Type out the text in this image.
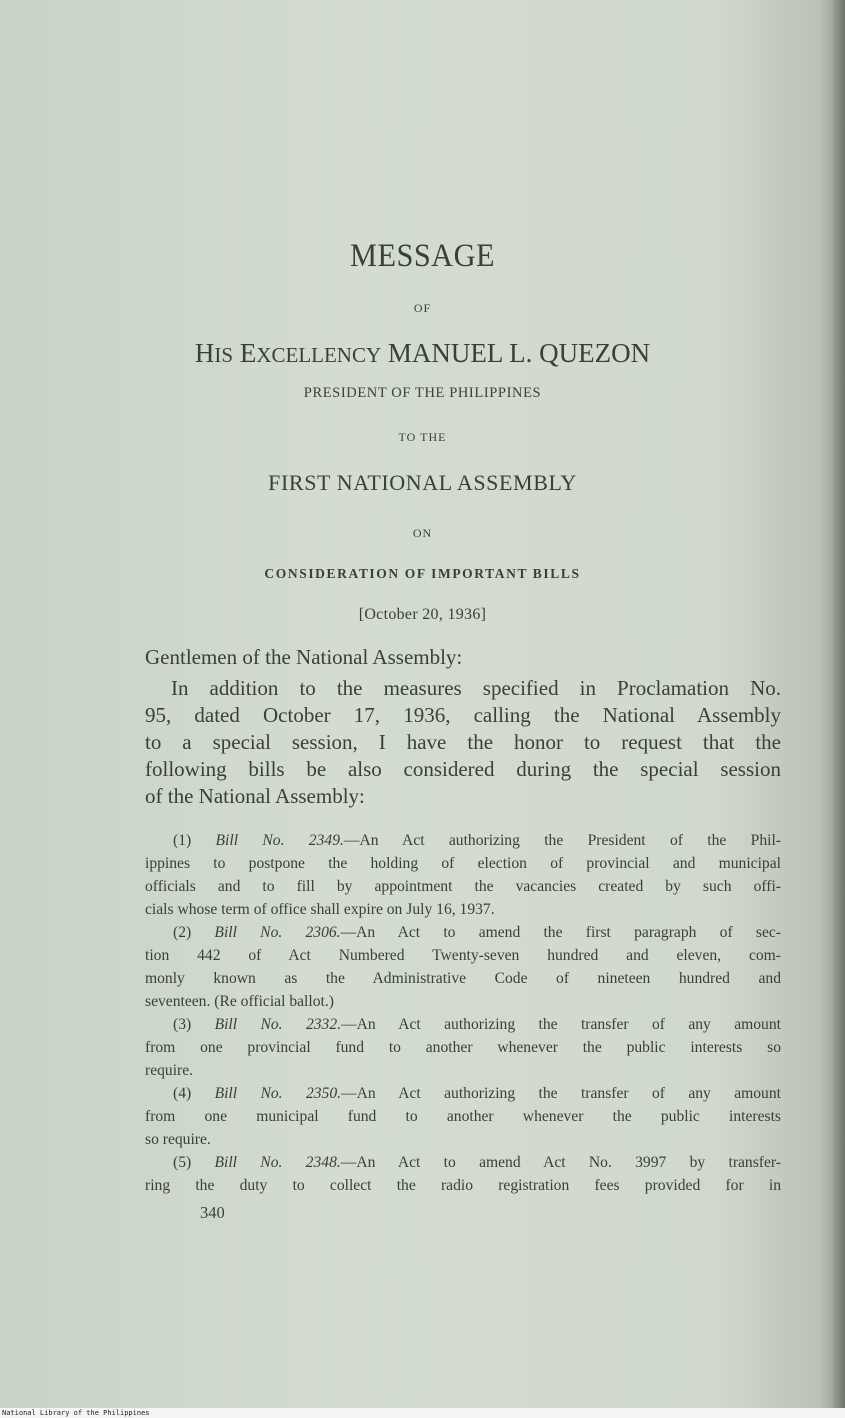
MESSAGE
OF
HIS EXCELLENCY MANUEL L. QUEZON
PRESIDENT OF THE PHILIPPINES
TO THE
FIRST NATIONAL ASSEMBLY
ON
CONSIDERATION OF IMPORTANT BILLS
[October 20, 1936]
Gentlemen of the National Assembly:
In addition to the measures specified in Proclamation No.
95, dated October 17, 1936, calling the National Assembly
to a special session, I have the honor to request that the
following bills be also considered during the special session
of the National Assembly:
(1) Bill No. 2349.—An Act authorizing the President of the Phil-
ippines to postpone the holding of election of provincial and municipal
officials and to fill by appointment the vacancies created by such offi-
cials whose term of office shall expire on July 16, 1937.
(2) Bill No. 2306.—An Act to amend the first paragraph of sec-
tion 442 of Act Numbered Twenty-seven hundred and eleven, com-
monly known as the Administrative Code of nineteen hundred and
seventeen. (Re official ballot.)
(3) Bill No. 2332.—An Act authorizing the transfer of any amount
from one provincial fund to another whenever the public interests so
require.
(4) Bill No. 2350.—An Act authorizing the transfer of any amount
from one municipal fund to another whenever the public interests
so require.
(5) Bill No. 2348.—An Act to amend Act No. 3997 by transfer-
ring the duty to collect the radio registration fees provided for in
340
National Library of the Philippines
